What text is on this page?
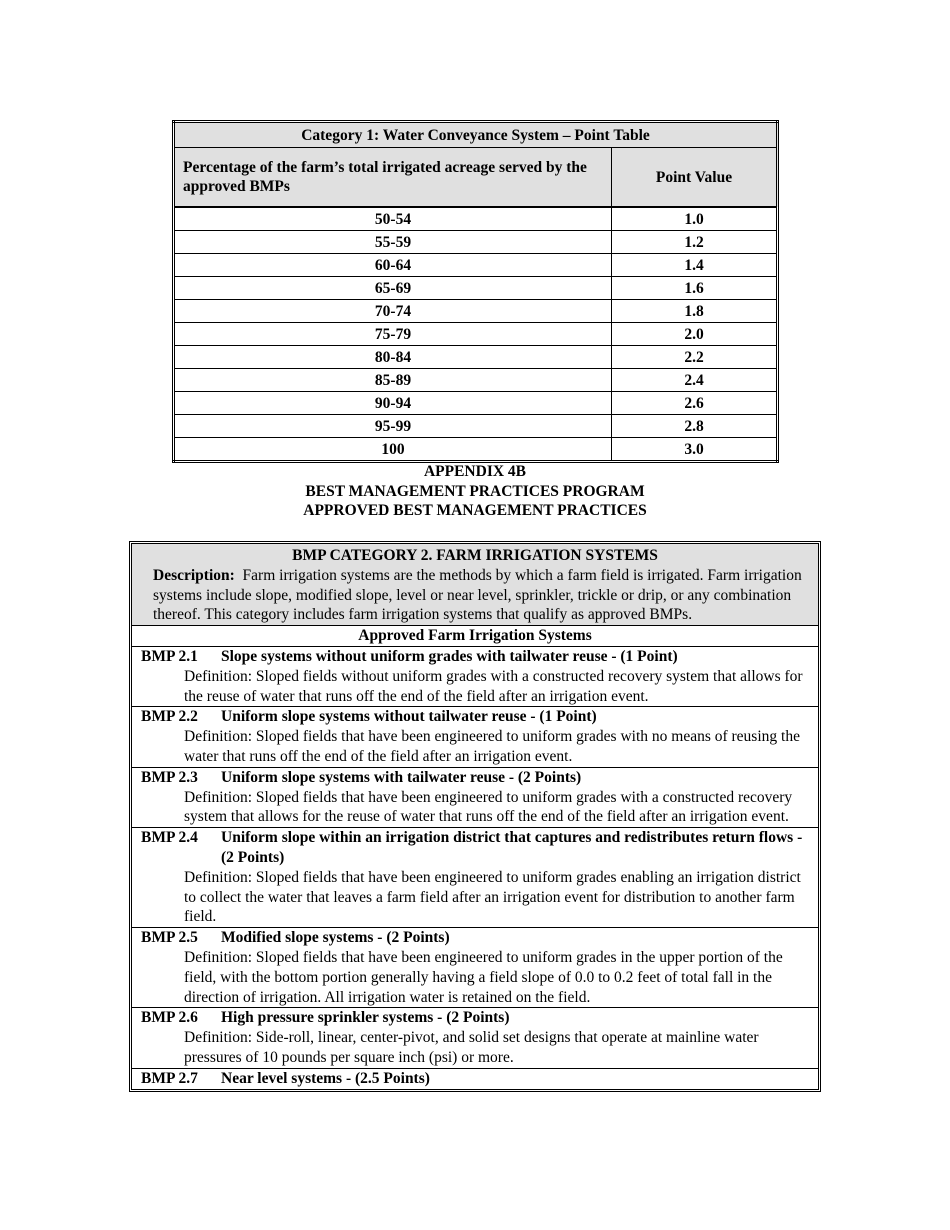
Category 1: Water Conveyance System – Point Table	
Percentage of the farm’s total irrigated acreage served by the approved BMPs	Point Value
50-54	1.0
55-59	1.2
60-64	1.4
65-69	1.6
70-74	1.8
75-79	2.0
80-84	2.2
85-89	2.4
90-94	2.6
95-99	2.8
100	3.0
APPENDIX 4B
BEST MANAGEMENT PRACTICES PROGRAM
APPROVED BEST MANAGEMENT PRACTICES
BMP CATEGORY 2. FARM IRRIGATION SYSTEMS
Description: Farm irrigation systems are the methods by which a farm field is irrigated. Farm irrigation systems include slope, modified slope, level or near level, sprinkler, trickle or drip, or any combination thereof. This category includes farm irrigation systems that qualify as approved BMPs.
Approved Farm Irrigation Systems
BMP 2.1	Slope systems without uniform grades with tailwater reuse - (1 Point)
Definition: Sloped fields without uniform grades with a constructed recovery system that allows for the reuse of water that runs off the end of the field after an irrigation event.
BMP 2.2	Uniform slope systems without tailwater reuse - (1 Point)
Definition: Sloped fields that have been engineered to uniform grades with no means of reusing the water that runs off the end of the field after an irrigation event.
BMP 2.3	Uniform slope systems with tailwater reuse - (2 Points)
Definition: Sloped fields that have been engineered to uniform grades with a constructed recovery system that allows for the reuse of water that runs off the end of the field after an irrigation event.
BMP 2.4	Uniform slope within an irrigation district that captures and redistributes return flows - (2 Points)
Definition: Sloped fields that have been engineered to uniform grades enabling an irrigation district to collect the water that leaves a farm field after an irrigation event for distribution to another farm field.
BMP 2.5	Modified slope systems - (2 Points)
Definition: Sloped fields that have been engineered to uniform grades in the upper portion of the field, with the bottom portion generally having a field slope of 0.0 to 0.2 feet of total fall in the direction of irrigation. All irrigation water is retained on the field.
BMP 2.6	High pressure sprinkler systems - (2 Points)
Definition: Side-roll, linear, center-pivot, and solid set designs that operate at mainline water pressures of 10 pounds per square inch (psi) or more.
BMP 2.7	Near level systems - (2.5 Points)
